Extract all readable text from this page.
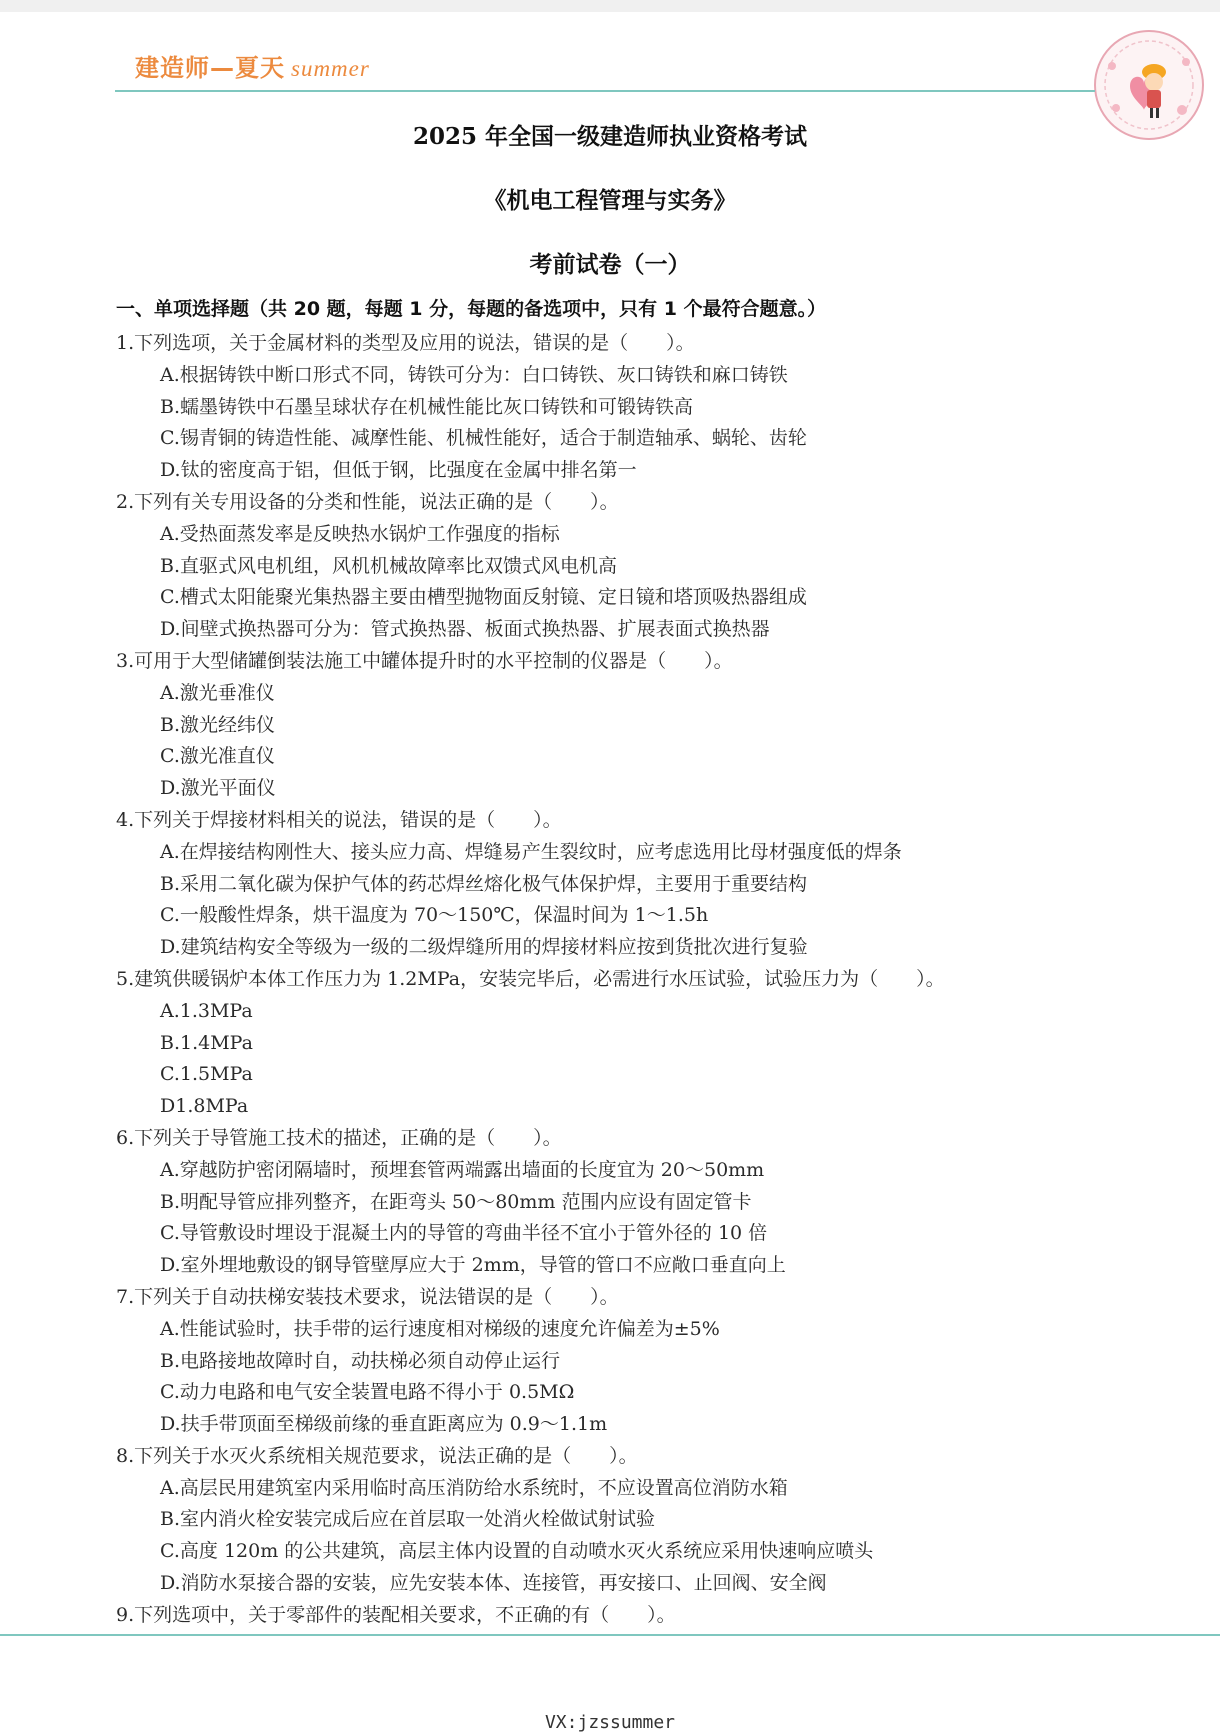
建造师—夏天 summer
2025 年全国一级建造师执业资格考试
《机电工程管理与实务》
考前试卷（一）
一、单项选择题（共 20 题，每题 1 分，每题的备选项中，只有 1 个最符合题意。）
1.下列选项，关于金属材料的类型及应用的说法，错误的是（　　）。
A.根据铸铁中断口形式不同，铸铁可分为：白口铸铁、灰口铸铁和麻口铸铁
B.蠕墨铸铁中石墨呈球状存在机械性能比灰口铸铁和可锻铸铁高
C.锡青铜的铸造性能、减摩性能、机械性能好，适合于制造轴承、蜗轮、齿轮
D.钛的密度高于铝，但低于钢，比强度在金属中排名第一
2.下列有关专用设备的分类和性能，说法正确的是（　　）。
A.受热面蒸发率是反映热水锅炉工作强度的指标
B.直驱式风电机组，风机机械故障率比双馈式风电机高
C.槽式太阳能聚光集热器主要由槽型抛物面反射镜、定日镜和塔顶吸热器组成
D.间壁式换热器可分为：管式换热器、板面式换热器、扩展表面式换热器
3.可用于大型储罐倒装法施工中罐体提升时的水平控制的仪器是（　　）。
A.激光垂准仪
B.激光经纬仪
C.激光准直仪
D.激光平面仪
4.下列关于焊接材料相关的说法，错误的是（　　）。
A.在焊接结构刚性大、接头应力高、焊缝易产生裂纹时，应考虑选用比母材强度低的焊条
B.采用二氧化碳为保护气体的药芯焊丝熔化极气体保护焊，主要用于重要结构
C.一般酸性焊条，烘干温度为 70～150℃，保温时间为 1～1.5h
D.建筑结构安全等级为一级的二级焊缝所用的焊接材料应按到货批次进行复验
5.建筑供暖锅炉本体工作压力为 1.2MPa，安装完毕后，必需进行水压试验，试验压力为（　　）。
A.1.3MPa
B.1.4MPa
C.1.5MPa
D1.8MPa
6.下列关于导管施工技术的描述，正确的是（　　）。
A.穿越防护密闭隔墙时，预埋套管两端露出墙面的长度宜为 20～50mm
B.明配导管应排列整齐，在距弯头 50～80mm 范围内应设有固定管卡
C.导管敷设时埋设于混凝土内的导管的弯曲半径不宜小于管外径的 10 倍
D.室外埋地敷设的钢导管壁厚应大于 2mm，导管的管口不应敞口垂直向上
7.下列关于自动扶梯安装技术要求，说法错误的是（　　）。
A.性能试验时，扶手带的运行速度相对梯级的速度允许偏差为±5%
B.电路接地故障时自，动扶梯必须自动停止运行
C.动力电路和电气安全装置电路不得小于 0.5MΩ
D.扶手带顶面至梯级前缘的垂直距离应为 0.9～1.1m
8.下列关于水灭火系统相关规范要求，说法正确的是（　　）。
A.高层民用建筑室内采用临时高压消防给水系统时，不应设置高位消防水箱
B.室内消火栓安装完成后应在首层取一处消火栓做试射试验
C.高度 120m 的公共建筑，高层主体内设置的自动喷水灭火系统应采用快速响应喷头
D.消防水泵接合器的安装，应先安装本体、连接管，再安接口、止回阀、安全阀
9.下列选项中，关于零部件的装配相关要求，不正确的有（　　）。
VX:jzssummer
